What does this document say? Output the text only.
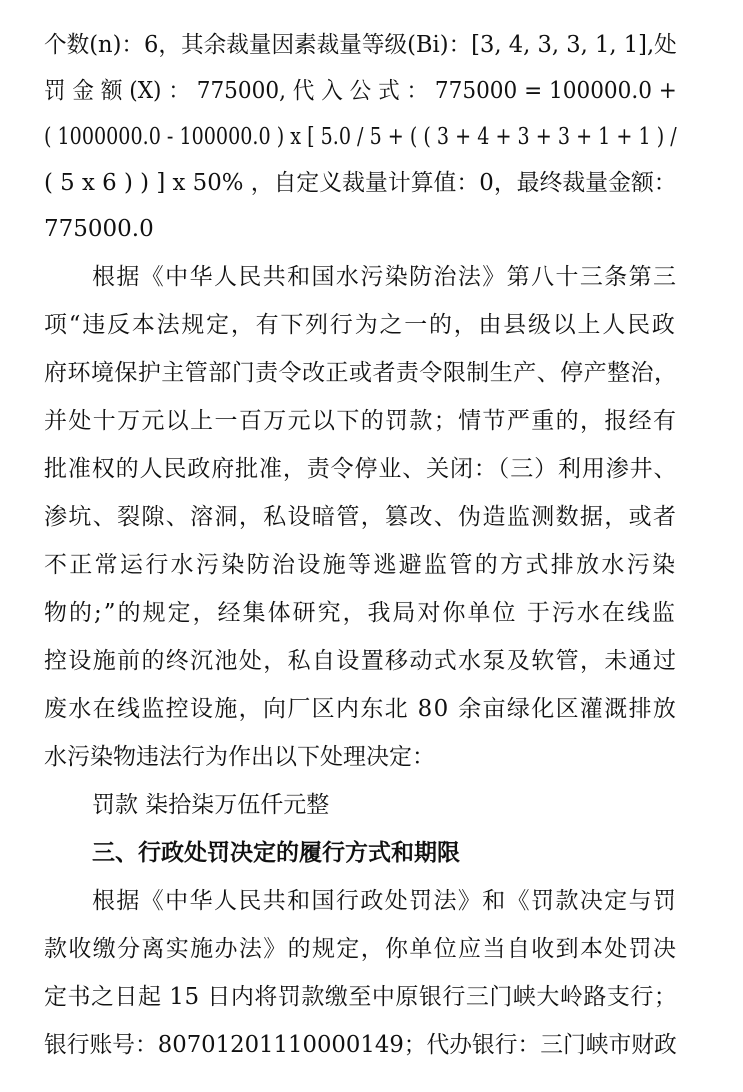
个数(n)：6，其余裁量因素裁量等级(Bi)：[3, 4, 3, 3, 1, 1],处
罚 金 额 (X) ： 775000, 代 入 公 式 ： 775000 = 100000.0 +
( 1000000.0 - 100000.0 ) x [ 5.0 / 5 + ( ( 3 + 4 + 3 + 3 + 1 + 1 ) /
( 5 x 6 ) ) ] x 50% ，自定义裁量计算值：0，最终裁量金额：
775000.0
根据《中华人民共和国水污染防治法》第八十三条第三
项“违反本法规定，有下列行为之一的，由县级以上人民政
府环境保护主管部门责令改正或者责令限制生产、停产整治，
并处十万元以上一百万元以下的罚款；情节严重的，报经有
批准权的人民政府批准，责令停业、关闭：（三）利用渗井、
渗坑、裂隙、溶洞，私设暗管，篡改、伪造监测数据，或者
不正常运行水污染防治设施等逃避监管的方式排放水污染
物的;”的规定，经集体研究，我局对你单位 于污水在线监
控设施前的终沉池处，私自设置移动式水泵及软管，未通过
废水在线监控设施，向厂区内东北 80 余亩绿化区灌溉排放
水污染物违法行为作出以下处理决定：
罚款 柒拾柒万伍仟元整
三、行政处罚决定的履行方式和期限
根据《中华人民共和国行政处罚法》和《罚款决定与罚
款收缴分离实施办法》的规定，你单位应当自收到本处罚决
定书之日起 15 日内将罚款缴至中原银行三门峡大岭路支行；
银行账号：80701201110000149；代办银行：三门峡市财政
